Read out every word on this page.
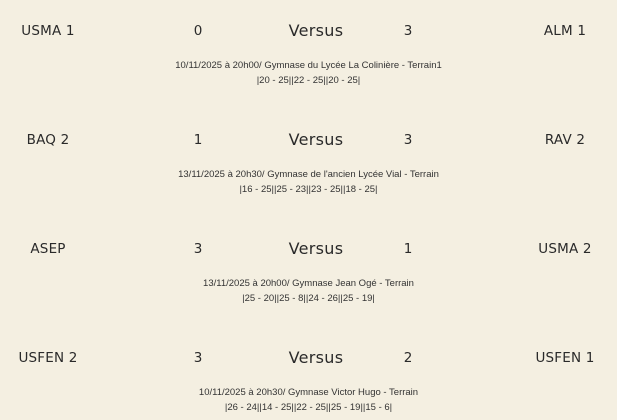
USMA 1	0	Versus	3	ALM 1
10/11/2025 à 20h00/ Gymnase du Lycée La Colinière - Terrain1
|20 - 25||22 - 25||20 - 25|
BAQ 2	1	Versus	3	RAV 2
13/11/2025 à 20h30/ Gymnase de l'ancien Lycée Vial - Terrain
|16 - 25||25 - 23||23 - 25||18 - 25|
ASEP	3	Versus	1	USMA 2
13/11/2025 à 20h00/ Gymnase Jean Ogé - Terrain
|25 - 20||25 - 8||24 - 26||25 - 19|
USFEN 2	3	Versus	2	USFEN 1
10/11/2025 à 20h30/ Gymnase Victor Hugo - Terrain
|26 - 24||14 - 25||22 - 25||25 - 19||15 - 6|
